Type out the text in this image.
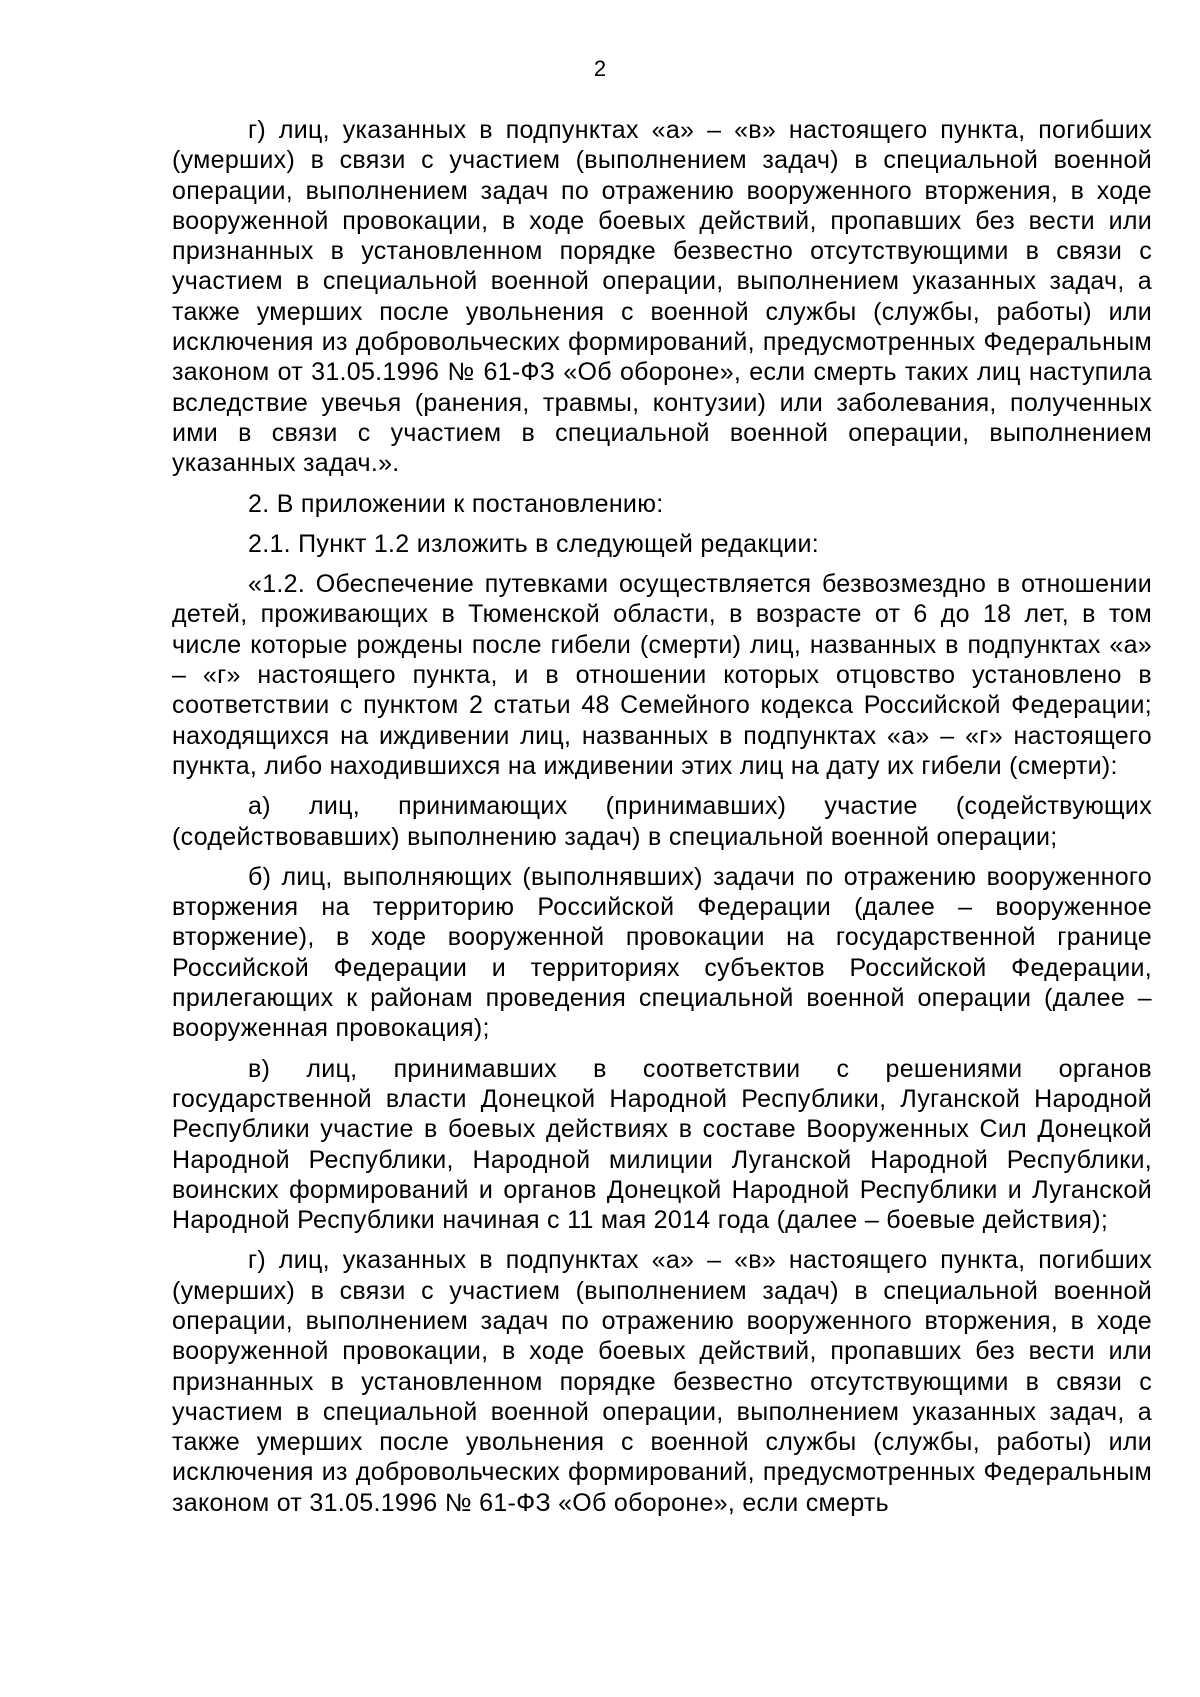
2

г) лиц, указанных в подпунктах «а» – «в» настоящего пункта, погибших (умерших) в связи с участием (выполнением задач) в специальной военной операции, выполнением задач по отражению вооруженного вторжения, в ходе вооруженной провокации, в ходе боевых действий, пропавших без вести или признанных в установленном порядке безвестно отсутствующими в связи с участием в специальной военной операции, выполнением указанных задач, а также умерших после увольнения с военной службы (службы, работы) или исключения из добровольческих формирований, предусмотренных Федеральным законом от 31.05.1996 № 61-ФЗ «Об обороне», если смерть таких лиц наступила вследствие увечья (ранения, травмы, контузии) или заболевания, полученных ими в связи с участием в специальной военной операции, выполнением указанных задач.».

2. В приложении к постановлению:

2.1. Пункт 1.2 изложить в следующей редакции:

«1.2. Обеспечение путевками осуществляется безвозмездно в отношении детей, проживающих в Тюменской области, в возрасте от 6 до 18 лет, в том числе которые рождены после гибели (смерти) лиц, названных в подпунктах «а» – «г» настоящего пункта, и в отношении которых отцовство установлено в соответствии с пунктом 2 статьи 48 Семейного кодекса Российской Федерации; находящихся на иждивении лиц, названных в подпунктах «а» – «г» настоящего пункта, либо находившихся на иждивении этих лиц на дату их гибели (смерти):

а) лиц, принимающих (принимавших) участие (содействующих (содействовавших) выполнению задач) в специальной военной операции;

б) лиц, выполняющих (выполнявших) задачи по отражению вооруженного вторжения на территорию Российской Федерации (далее – вооруженное вторжение), в ходе вооруженной провокации на государственной границе Российской Федерации и территориях субъектов Российской Федерации, прилегающих к районам проведения специальной военной операции (далее – вооруженная провокация);

в) лиц, принимавших в соответствии с решениями органов государственной власти Донецкой Народной Республики, Луганской Народной Республики участие в боевых действиях в составе Вооруженных Сил Донецкой Народной Республики, Народной милиции Луганской Народной Республики, воинских формирований и органов Донецкой Народной Республики и Луганской Народной Республики начиная с 11 мая 2014 года (далее – боевые действия);

г) лиц, указанных в подпунктах «а» – «в» настоящего пункта, погибших (умерших) в связи с участием (выполнением задач) в специальной военной операции, выполнением задач по отражению вооруженного вторжения, в ходе вооруженной провокации, в ходе боевых действий, пропавших без вести или признанных в установленном порядке безвестно отсутствующими в связи с участием в специальной военной операции, выполнением указанных задач, а также умерших после увольнения с военной службы (службы, работы) или исключения из добровольческих формирований, предусмотренных Федеральным законом от 31.05.1996 № 61-ФЗ «Об обороне», если смерть
